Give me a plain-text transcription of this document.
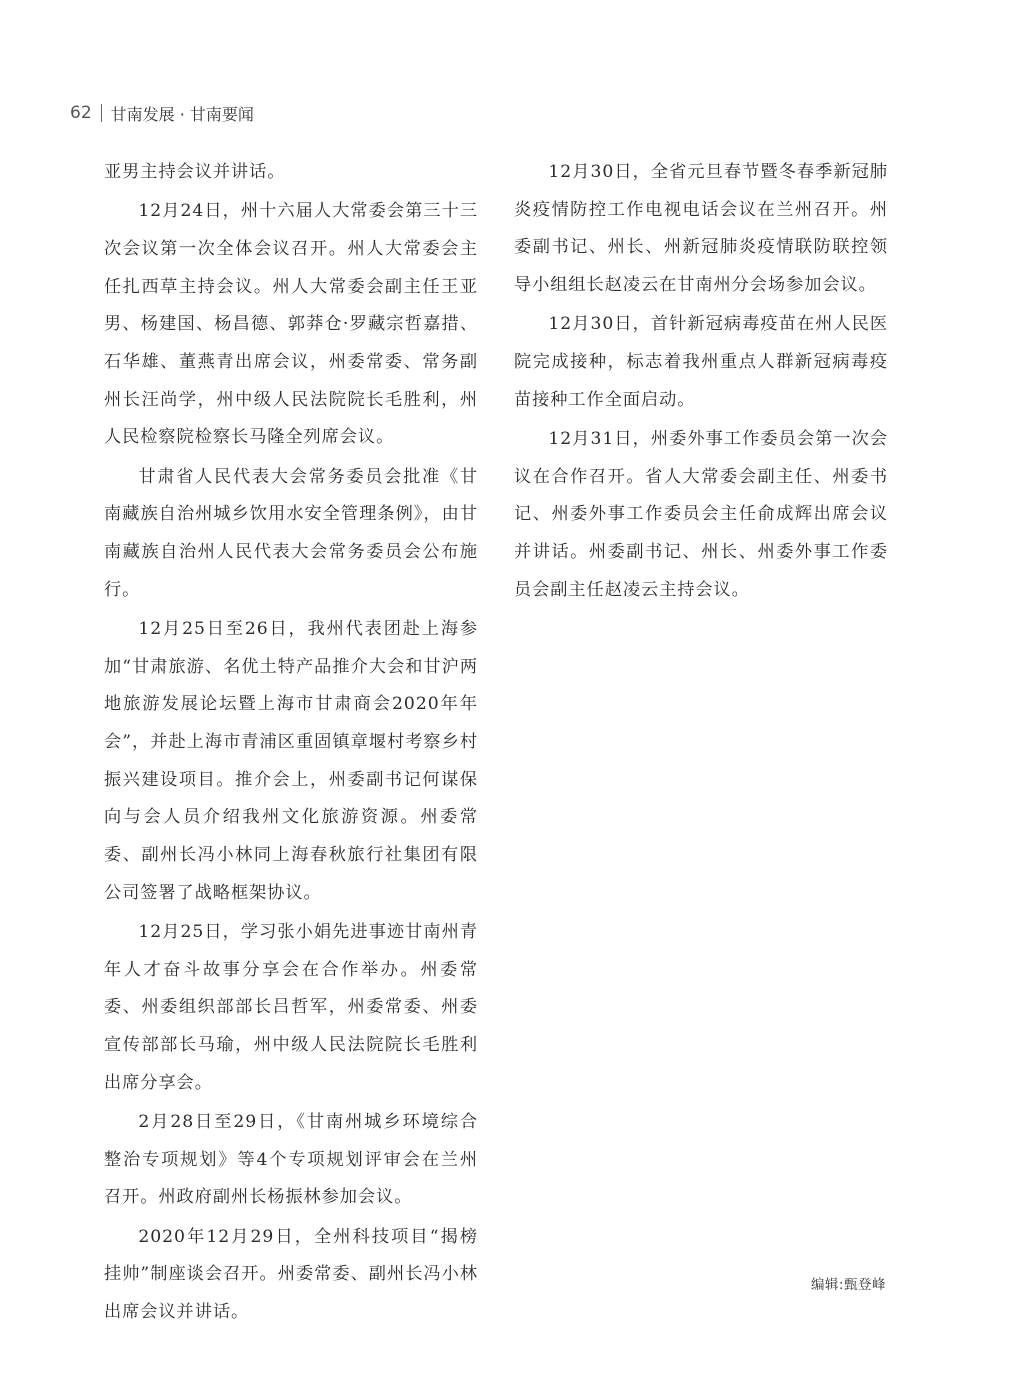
62 甘南发展 · 甘南要闻

亚男主持会议并讲话。

12月24日，州十六届人大常委会第三十三次会议第一次全体会议召开。州人大常委会主任扎西草主持会议。州人大常委会副主任王亚男、杨建国、杨昌德、郭莽仓·罗藏宗哲嘉措、石华雄、董燕青出席会议，州委常委、常务副州长汪尚学，州中级人民法院院长毛胜利，州人民检察院检察长马隆全列席会议。

甘肃省人民代表大会常务委员会批准《甘南藏族自治州城乡饮用水安全管理条例》，由甘南藏族自治州人民代表大会常务委员会公布施行。

12月25日至26日，我州代表团赴上海参加“甘肃旅游、名优土特产品推介大会和甘沪两地旅游发展论坛暨上海市甘肃商会2020年年会”，并赴上海市青浦区重固镇章堰村考察乡村振兴建设项目。推介会上，州委副书记何谋保向与会人员介绍我州文化旅游资源。州委常委、副州长冯小林同上海春秋旅行社集团有限公司签署了战略框架协议。

12月25日，学习张小娟先进事迹甘南州青年人才奋斗故事分享会在合作举办。州委常委、州委组织部部长吕哲军，州委常委、州委宣传部部长马瑜，州中级人民法院院长毛胜利出席分享会。

2月28日至29日，《甘南州城乡环境综合整治专项规划》等4个专项规划评审会在兰州召开。州政府副州长杨振林参加会议。

2020年12月29日，全州科技项目“揭榜挂帅”制座谈会召开。州委常委、副州长冯小林出席会议并讲话。

12月30日，全省元旦春节暨冬春季新冠肺炎疫情防控工作电视电话会议在兰州召开。州委副书记、州长、州新冠肺炎疫情联防联控领导小组组长赵凌云在甘南州分会场参加会议。

12月30日，首针新冠病毒疫苗在州人民医院完成接种，标志着我州重点人群新冠病毒疫苗接种工作全面启动。

12月31日，州委外事工作委员会第一次会议在合作召开。省人大常委会副主任、州委书记、州委外事工作委员会主任俞成辉出席会议并讲话。州委副书记、州长、州委外事工作委员会副主任赵凌云主持会议。

编辑:甄登峰
